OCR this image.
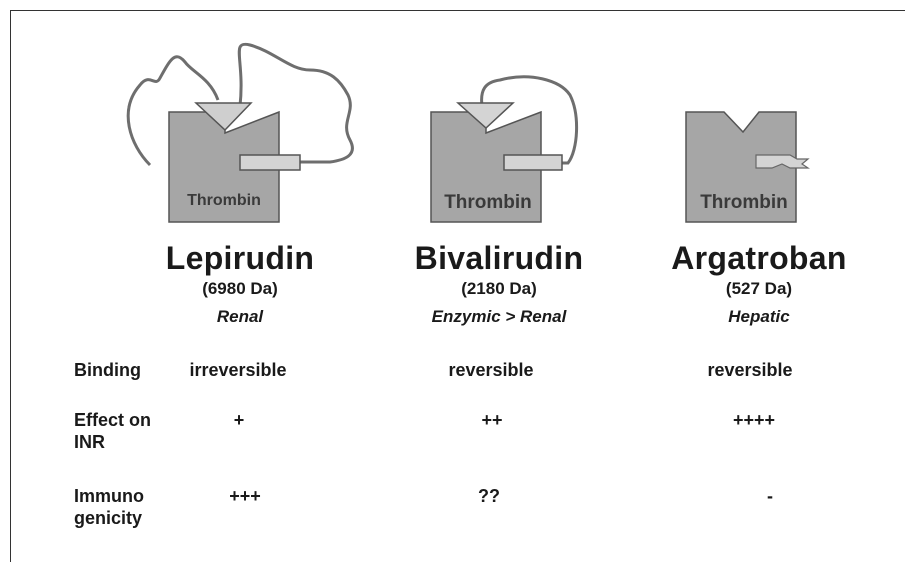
Thrombin	Thrombin	Thrombin
Lepirudin
(6980 Da)
Renal
Bivalirudin
(2180 Da)
Enzymic > Renal
Argatroban
(527 Da)
Hepatic
Binding	irreversible	reversible	reversible
Effect on
INR
+	++	++++
Immuno
genicity
+++	??	-
